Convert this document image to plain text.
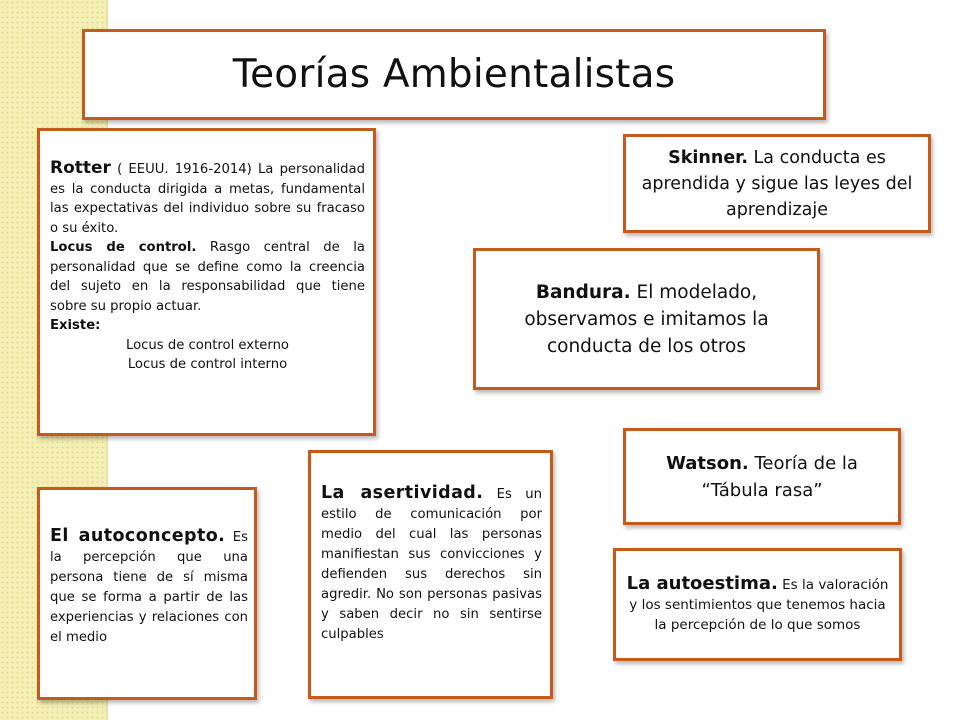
Teorías Ambientalistas
Rotter ( EEUU. 1916-2014) La personalidad es la conducta dirigida a metas, fundamental las expectativas del individuo sobre su fracaso o su éxito.
Locus de control. Rasgo central de la personalidad que se define como la creencia del sujeto en la responsabilidad que tiene sobre su propio actuar.
Existe:
Locus de control externo
Locus de control interno
Skinner. La conducta es aprendida y sigue las leyes del aprendizaje
Bandura. El modelado, observamos e imitamos la conducta de los otros
Watson. Teoría de la “Tábula rasa”
La autoestima. Es la valoración y los sentimientos que tenemos hacia la percepción de lo que somos
La asertividad. Es un estilo de comunicación por medio del cual las personas manifiestan sus convicciones y defienden sus derechos sin agredir. No son personas pasivas y saben decir no sin sentirse culpables
El autoconcepto. Es la percepción que una persona tiene de sí misma que se forma a partir de las experiencias y relaciones con el medio
